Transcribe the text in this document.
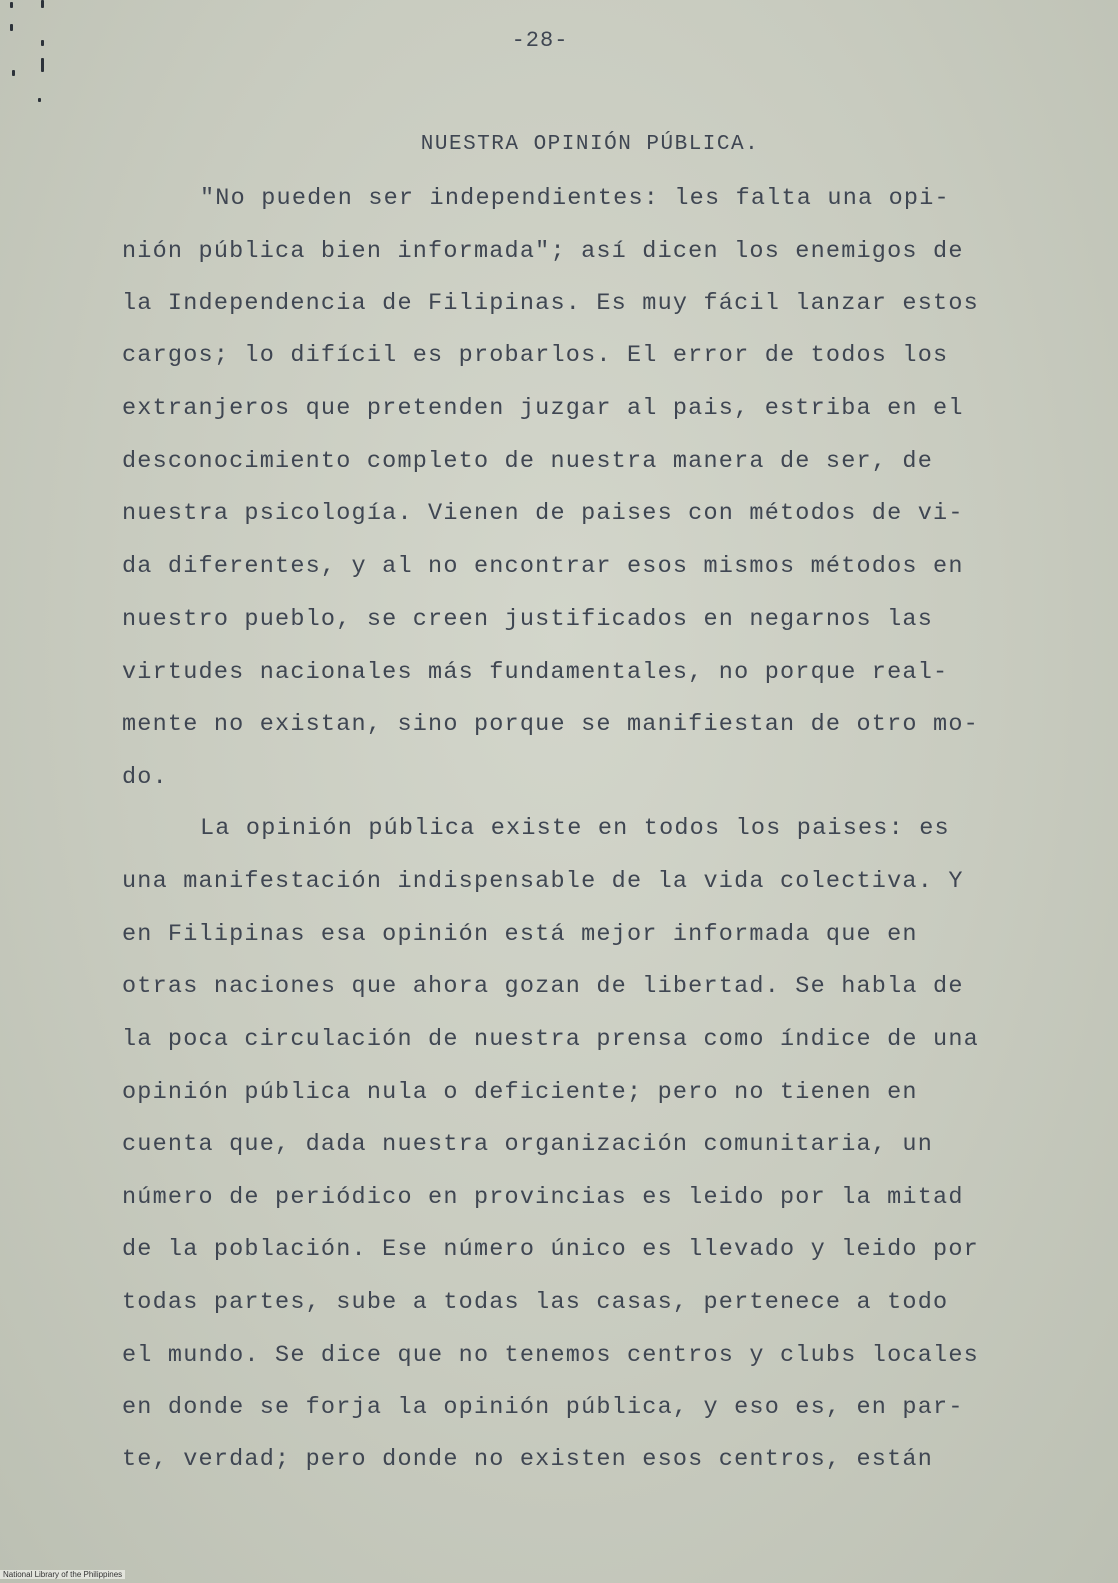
-28-
NUESTRA OPINIÓN PÚBLICA.
"No pueden ser independientes: les falta una opi-
nión pública bien informada"; así dicen los enemigos de
la Independencia de Filipinas. Es muy fácil lanzar estos
cargos; lo difícil es probarlos. El error de todos los
extranjeros que pretenden juzgar al pais, estriba en el
desconocimiento completo de nuestra manera de ser, de
nuestra psicología. Vienen de paises con métodos de vi-
da diferentes, y al no encontrar esos mismos métodos en
nuestro pueblo, se creen justificados en negarnos las
virtudes nacionales más fundamentales, no porque real-
mente no existan, sino porque se manifiestan de otro mo-
do.
La opinión pública existe en todos los paises: es
una manifestación indispensable de la vida colectiva. Y
en Filipinas esa opinión está mejor informada que en
otras naciones que ahora gozan de libertad. Se habla de
la poca circulación de nuestra prensa como índice de una
opinión pública nula o deficiente; pero no tienen en
cuenta que, dada nuestra organización comunitaria, un
número de periódico en provincias es leido por la mitad
de la población. Ese número único es llevado y leido por
todas partes, sube a todas las casas, pertenece a todo
el mundo. Se dice que no tenemos centros y clubs locales
en donde se forja la opinión pública, y eso es, en par-
te, verdad; pero donde no existen esos centros, están
National Library of the Philippines
